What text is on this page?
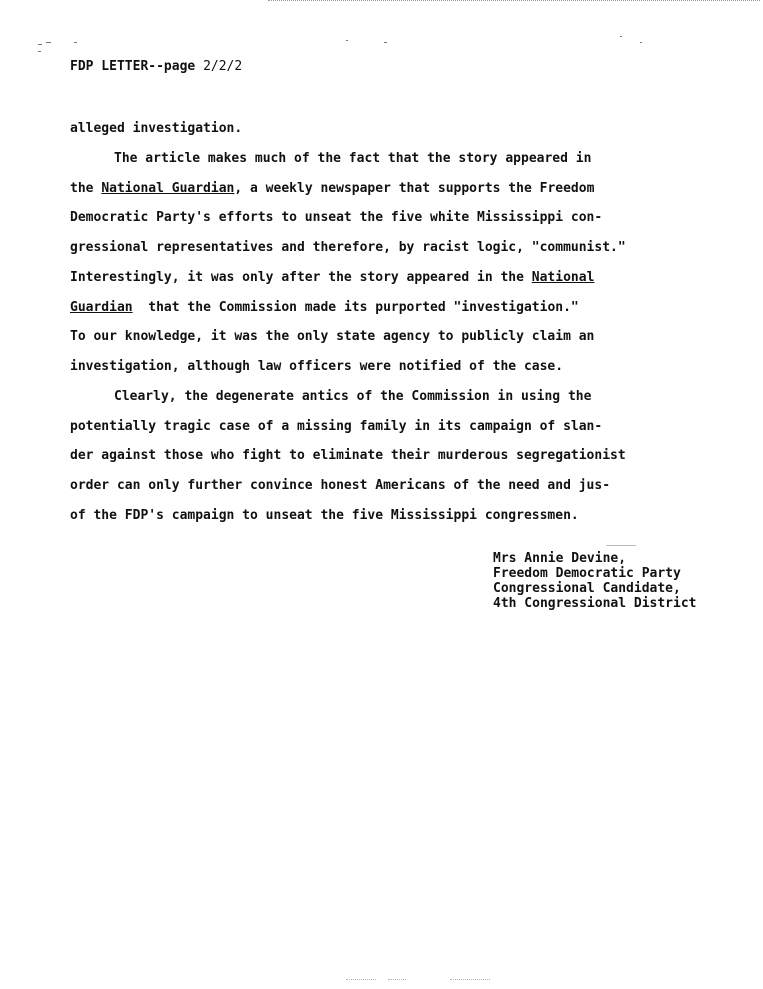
FDP LETTER--page 2/2/2
alleged investigation.
The article makes much of the fact that the story appeared in
the National Guardian, a weekly newspaper that supports the Freedom
Democratic Party's efforts to unseat the five white Mississippi con-
gressional representatives and therefore, by racist logic, "communist."
Interestingly, it was only after the story appeared in the National
Guardian  that the Commission made its purported "investigation."
To our knowledge, it was the only state agency to publicly claim an
investigation, although law officers were notified of the case.
Clearly, the degenerate antics of the Commission in using the
potentially tragic case of a missing family in its campaign of slan-
der against those who fight to eliminate their murderous segregationist
order can only further convince honest Americans of the need and jus-
of the FDP's campaign to unseat the five Mississippi congressmen.
Mrs Annie Devine,
Freedom Democratic Party
Congressional Candidate,
4th Congressional District
